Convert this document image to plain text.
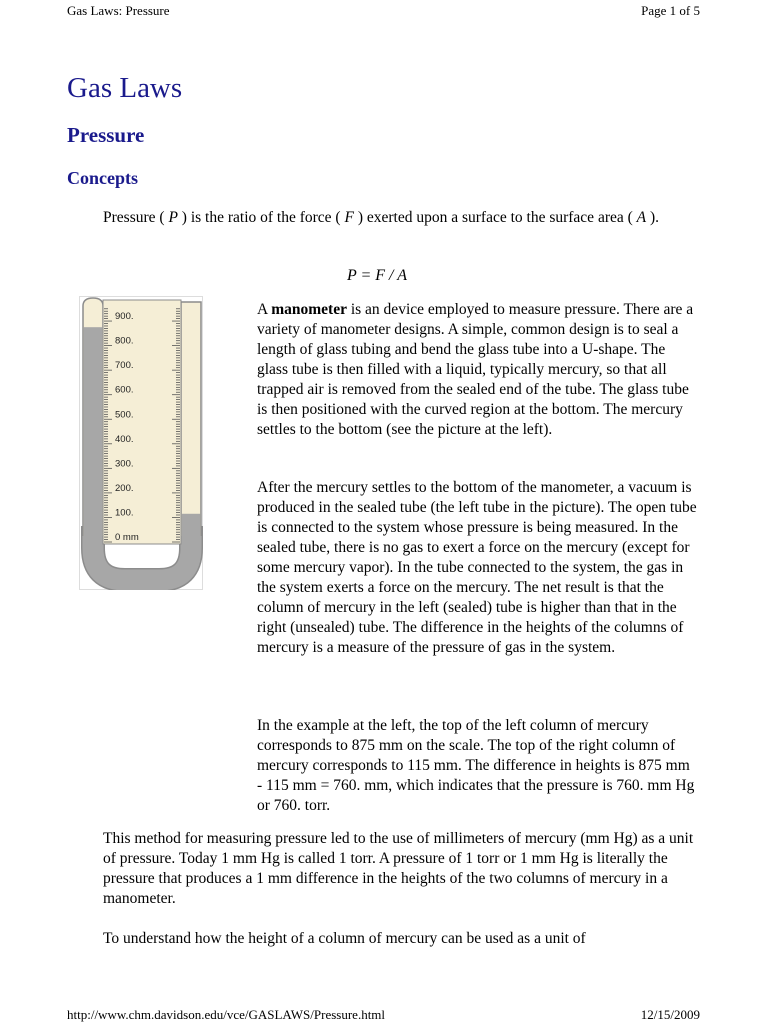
Gas Laws: Pressure	Page 1 of 5
Gas Laws
Pressure
Concepts

Pressure ( P ) is the ratio of the force ( F ) exerted upon a surface to the surface area ( A ).

P = F / A

900.
800.
700.
600.
500.
400.
300.
200.
100.
0 mm

A manometer is an device employed to measure pressure. There are a variety of manometer designs. A simple, common design is to seal a length of glass tubing and bend the glass tube into a U-shape. The glass tube is then filled with a liquid, typically mercury, so that all trapped air is removed from the sealed end of the tube. The glass tube is then positioned with the curved region at the bottom. The mercury settles to the bottom (see the picture at the left).

After the mercury settles to the bottom of the manometer, a vacuum is produced in the sealed tube (the left tube in the picture). The open tube is connected to the system whose pressure is being measured. In the sealed tube, there is no gas to exert a force on the mercury (except for some mercury vapor). In the tube connected to the system, the gas in the system exerts a force on the mercury. The net result is that the column of mercury in the left (sealed) tube is higher than that in the right (unsealed) tube. The difference in the heights of the columns of mercury is a measure of the pressure of gas in the system.

In the example at the left, the top of the left column of mercury corresponds to 875 mm on the scale. The top of the right column of mercury corresponds to 115 mm. The difference in heights is 875 mm - 115 mm = 760. mm, which indicates that the pressure is 760. mm Hg or 760. torr.

This method for measuring pressure led to the use of millimeters of mercury (mm Hg) as a unit of pressure. Today 1 mm Hg is called 1 torr. A pressure of 1 torr or 1 mm Hg is literally the pressure that produces a 1 mm difference in the heights of the two columns of mercury in a manometer.

To understand how the height of a column of mercury can be used as a unit of

http://www.chm.davidson.edu/vce/GASLAWS/Pressure.html	12/15/2009
